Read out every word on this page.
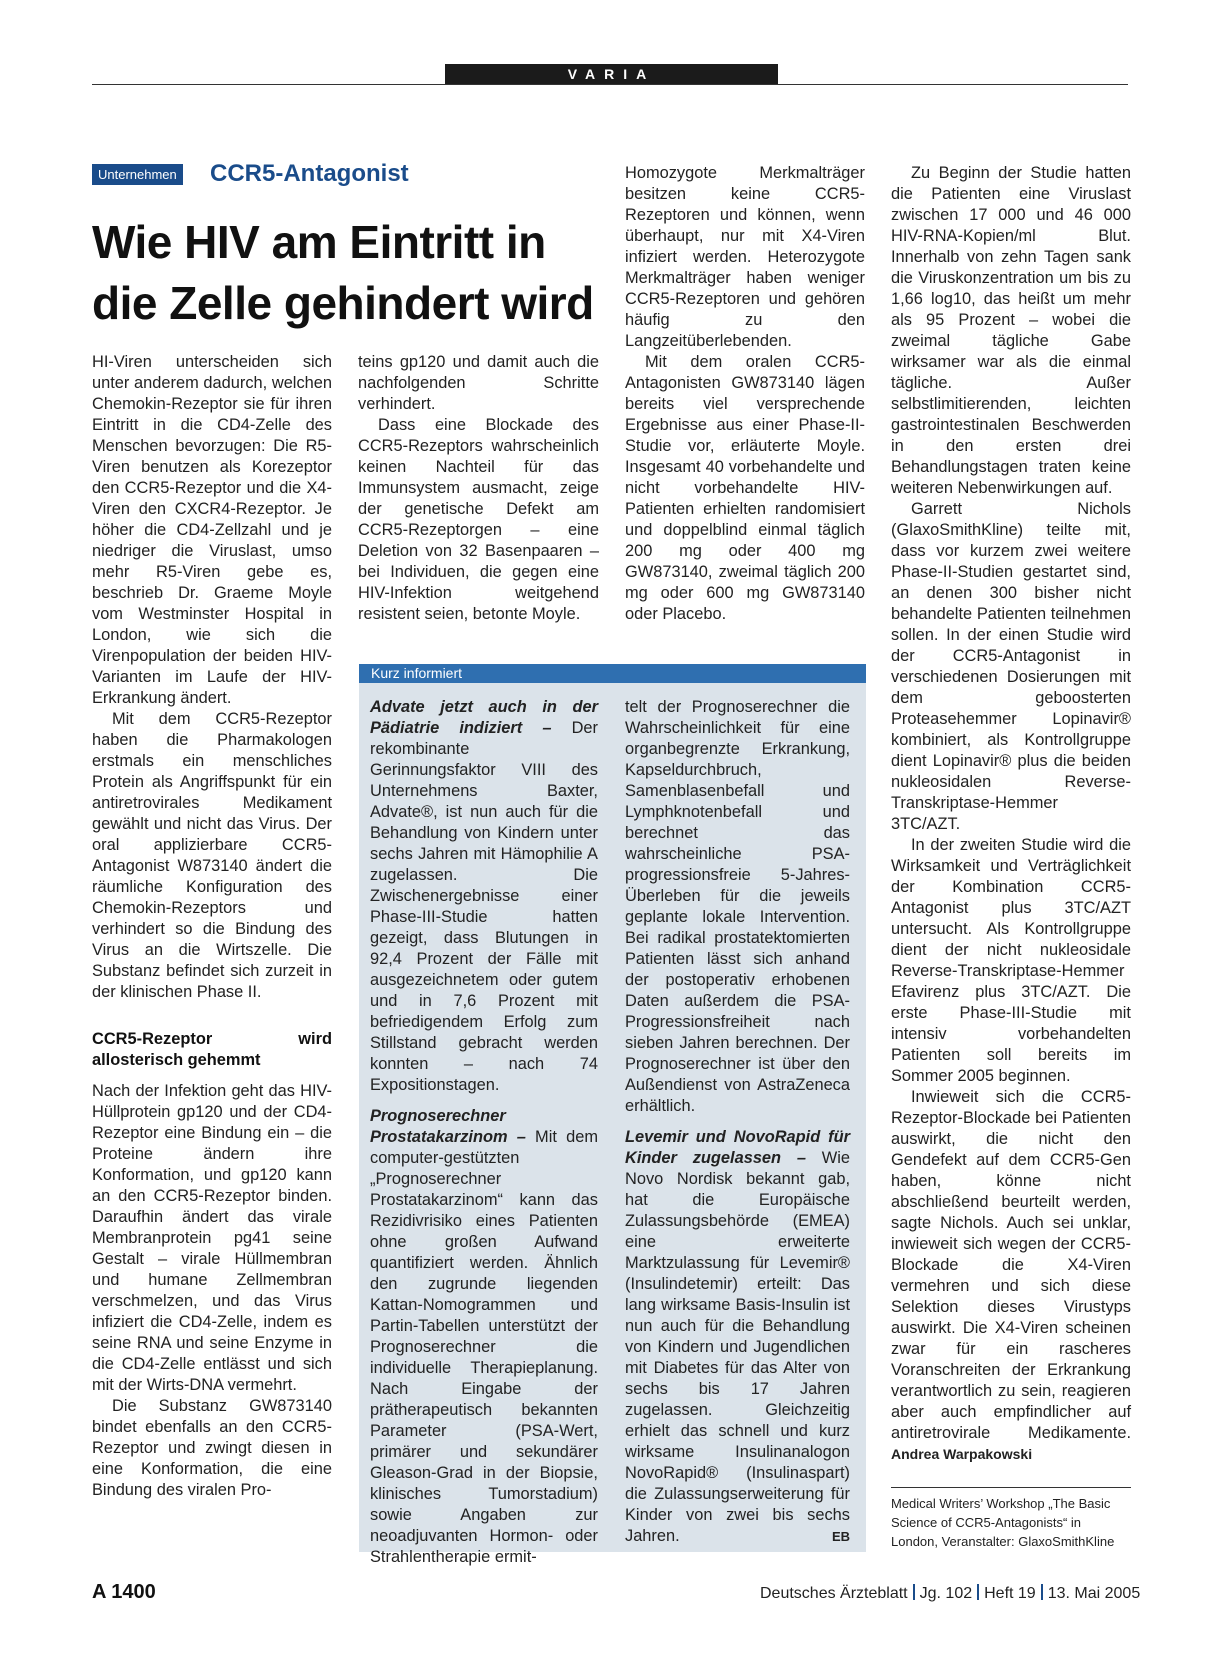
VARIA
Unternehmen CCR5-Antagonist
Wie HIV am Eintritt in die Zelle gehindert wird

HI-Viren unterscheiden sich unter anderem dadurch, welchen Chemokin-Rezeptor sie für ihren Eintritt in die CD4-Zelle des Menschen bevorzugen: Die R5-Viren benutzen als Korezeptor den CCR5-Rezeptor und die X4-Viren den CXCR4-Rezeptor. Je höher die CD4-Zellzahl und je niedriger die Viruslast, umso mehr R5-Viren gebe es, beschrieb Dr. Graeme Moyle vom Westminster Hospital in London, wie sich die Virenpopulation der beiden HIV-Varianten im Laufe der HIV-Erkrankung ändert.

Mit dem CCR5-Rezeptor haben die Pharmakologen erstmals ein menschliches Protein als Angriffspunkt für ein antiretrovirales Medikament gewählt und nicht das Virus. Der oral applizierbare CCR5-Antagonist W873140 ändert die räumliche Konfiguration des Chemokin-Rezeptors und verhindert so die Bindung des Virus an die Wirtszelle. Die Substanz befindet sich zurzeit in der klinischen Phase II.

CCR5-Rezeptor wird allosterisch gehemmt

Nach der Infektion geht das HIV-Hüllprotein gp120 und der CD4-Rezeptor eine Bindung ein – die Proteine ändern ihre Konformation, und gp120 kann an den CCR5-Rezeptor binden. Daraufhin ändert das virale Membranprotein pg41 seine Gestalt – virale Hüllmembran und humane Zellmembran verschmelzen, und das Virus infiziert die CD4-Zelle, indem es seine RNA und seine Enzyme in die CD4-Zelle entlässt und sich mit der Wirts-DNA vermehrt.

Die Substanz GW873140 bindet ebenfalls an den CCR5-Rezeptor und zwingt diesen in eine Konformation, die eine Bindung des viralen Pro-

teins gp120 und damit auch die nachfolgenden Schritte verhindert.

Dass eine Blockade des CCR5-Rezeptors wahrscheinlich keinen Nachteil für das Immunsystem ausmacht, zeige der genetische Defekt am CCR5-Rezeptorgen – eine Deletion von 32 Basenpaaren – bei Individuen, die gegen eine HIV-Infektion weitgehend resistent seien, betonte Moyle.

Homozygote Merkmalträger besitzen keine CCR5-Rezeptoren und können, wenn überhaupt, nur mit X4-Viren infiziert werden. Heterozygote Merkmalträger haben weniger CCR5-Rezeptoren und gehören häufig zu den Langzeitüberlebenden.

Mit dem oralen CCR5-Antagonisten GW873140 lägen bereits viel versprechende Ergebnisse aus einer Phase-II-Studie vor, erläuterte Moyle. Insgesamt 40 vorbehandelte und nicht vorbehandelte HIV-Patienten erhielten randomisiert und doppelblind einmal täglich 200 mg oder 400 mg GW873140, zweimal täglich 200 mg oder 600 mg GW873140 oder Placebo.

Zu Beginn der Studie hatten die Patienten eine Viruslast zwischen 17 000 und 46 000 HIV-RNA-Kopien/ml Blut. Innerhalb von zehn Tagen sank die Viruskonzentration um bis zu 1,66 log10, das heißt um mehr als 95 Prozent – wobei die zweimal tägliche Gabe wirksamer war als die einmal tägliche. Außer selbstlimitierenden, leichten gastrointestinalen Beschwerden in den ersten drei Behandlungstagen traten keine weiteren Nebenwirkungen auf.

Garrett Nichols (GlaxoSmithKline) teilte mit, dass vor kurzem zwei weitere Phase-II-Studien gestartet sind, an denen 300 bisher nicht behandelte Patienten teilnehmen sollen. In der einen Studie wird der CCR5-Antagonist in verschiedenen Dosierungen mit dem geboosterten Proteasehemmer Lopinavir® kombiniert, als Kontrollgruppe dient Lopinavir® plus die beiden nukleosidalen Reverse-Transkriptase-Hemmer 3TC/AZT.

In der zweiten Studie wird die Wirksamkeit und Verträglichkeit der Kombination CCR5-Antagonist plus 3TC/AZT untersucht. Als Kontrollgruppe dient der nicht nukleosidale Reverse-Transkriptase-Hemmer Efavirenz plus 3TC/AZT. Die erste Phase-III-Studie mit intensiv vorbehandelten Patienten soll bereits im Sommer 2005 beginnen.

Inwieweit sich die CCR5-Rezeptor-Blockade bei Patienten auswirkt, die nicht den Gendefekt auf dem CCR5-Gen haben, könne nicht abschließend beurteilt werden, sagte Nichols. Auch sei unklar, inwieweit sich wegen der CCR5-Blockade die X4-Viren vermehren und sich diese Selektion dieses Virustyps auswirkt. Die X4-Viren scheinen zwar für ein rascheres Voranschreiten der Erkrankung verantwortlich zu sein, reagieren aber auch empfindlicher auf antiretrovirale Medikamente. Andrea Warpakowski

Kurz informiert

Advate jetzt auch in der Pädiatrie indiziert – Der rekombinante Gerinnungsfaktor VIII des Unternehmens Baxter, Advate®, ist nun auch für die Behandlung von Kindern unter sechs Jahren mit Hämophilie A zugelassen. Die Zwischenergebnisse einer Phase-III-Studie hatten gezeigt, dass Blutungen in 92,4 Prozent der Fälle mit ausgezeichnetem oder gutem und in 7,6 Prozent mit befriedigendem Erfolg zum Stillstand gebracht werden konnten – nach 74 Expositionstagen.

Prognoserechner Prostatakarzinom – Mit dem computer-gestützten „Prognoserechner Prostatakarzinom“ kann das Rezidivrisiko eines Patienten ohne großen Aufwand quantifiziert werden. Ähnlich den zugrunde liegenden Kattan-Nomogrammen und Partin-Tabellen unterstützt der Prognoserechner die individuelle Therapieplanung. Nach Eingabe der prätherapeutisch bekannten Parameter (PSA-Wert, primärer und sekundärer Gleason-Grad in der Biopsie, klinisches Tumorstadium) sowie Angaben zur neoadjuvanten Hormon- oder Strahlentherapie ermit-

telt der Prognoserechner die Wahrscheinlichkeit für eine organbegrenzte Erkrankung, Kapseldurchbruch, Samenblasenbefall und Lymphknotenbefall und berechnet das wahrscheinliche PSA-progressionsfreie 5-Jahres-Überleben für die jeweils geplante lokale Intervention. Bei radikal prostatektomierten Patienten lässt sich anhand der postoperativ erhobenen Daten außerdem die PSA-Progressionsfreiheit nach sieben Jahren berechnen. Der Prognoserechner ist über den Außendienst von AstraZeneca erhältlich.

Levemir und NovoRapid für Kinder zugelassen – Wie Novo Nordisk bekannt gab, hat die Europäische Zulassungsbehörde (EMEA) eine erweiterte Marktzulassung für Levemir® (Insulindetemir) erteilt: Das lang wirksame Basis-Insulin ist nun auch für die Behandlung von Kindern und Jugendlichen mit Diabetes für das Alter von sechs bis 17 Jahren zugelassen. Gleichzeitig erhielt das schnell und kurz wirksame Insulinanalogon NovoRapid® (Insulinaspart) die Zulassungserweiterung für Kinder von zwei bis sechs Jahren.	EB

Medical Writers’ Workshop „The Basic Science of CCR5-Antagonists“ in London, Veranstalter: GlaxoSmithKline
A 1400	Deutsches Ärzteblatt Jg. 102 Heft 19 13. Mai 2005
